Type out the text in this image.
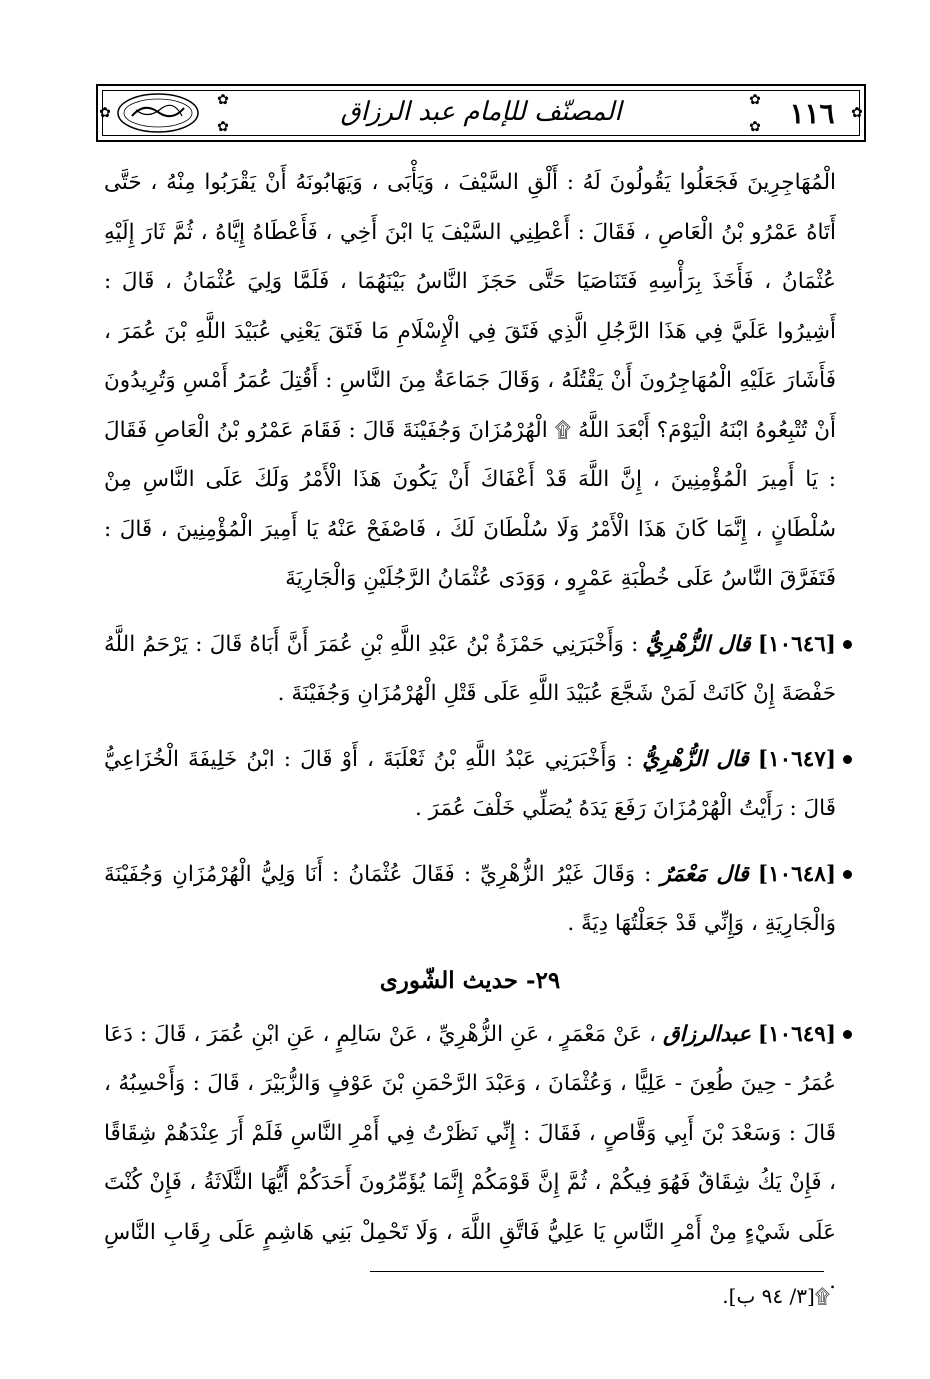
١١٦
✿
✿
✿
المصنّف للإمام عبد الرزاق
✿
✿
✿

الْمُهَاجِرِينَ فَجَعَلُوا يَقُولُونَ لَهُ : أَلْقِ السَّيْفَ ، وَيَأْبَى ، وَيَهَابُونَهُ أَنْ يَقْرَبُوا مِنْهُ ، حَتَّى أَتَاهُ عَمْرُو بْنُ الْعَاصِ ، فَقَالَ : أَعْطِنِي السَّيْفَ يَا ابْنَ أَخِي ، فَأَعْطَاهُ إِيَّاهُ ، ثُمَّ ثَارَ إِلَيْهِ عُثْمَانُ ، فَأَخَذَ بِرَأْسِهِ فَتَنَاصَيَا حَتَّى حَجَزَ النَّاسُ بَيْنَهُمَا ، فَلَمَّا وَلِيَ عُثْمَانُ ، قَالَ : أَشِيرُوا عَلَيَّ فِي هَذَا الرَّجُلِ الَّذِي فَتَقَ فِي الْإِسْلَامِ مَا فَتَقَ يَعْنِي عُبَيْدَ اللَّهِ بْنَ عُمَرَ ، فَأَشَارَ عَلَيْهِ الْمُهَاجِرُونَ أَنْ يَقْتُلَهُ ، وَقَالَ جَمَاعَةٌ مِنَ النَّاسِ : أَقُتِلَ عُمَرُ أَمْسِ وَتُرِيدُونَ أَنْ تُتْبِعُوهُ ابْنَهُ الْيَوْمَ؟ أَبْعَدَ اللَّهُ ۩ الْهُرْمُزَانَ وَجُفَيْنَةَ قَالَ : فَقَامَ عَمْرُو بْنُ الْعَاصِ فَقَالَ : يَا أَمِيرَ الْمُؤْمِنِينَ ، إِنَّ اللَّهَ قَدْ أَعْفَاكَ أَنْ يَكُونَ هَذَا الْأَمْرُ وَلَكَ عَلَى النَّاسِ مِنْ سُلْطَانٍ ، إِنَّمَا كَانَ هَذَا الْأَمْرُ وَلَا سُلْطَانَ لَكَ ، فَاصْفَحْ عَنْهُ يَا أَمِيرَ الْمُؤْمِنِينَ ، قَالَ : فَتَفَرَّقَ النَّاسُ عَلَى خُطْبَةِ عَمْرٍو ، وَوَدَى عُثْمَانُ الرَّجُلَيْنِ وَالْجَارِيَةَ

[١٠٦٤٦] قال الزُّهْرِيُّ : وَأَخْبَرَنِي حَمْزَةُ بْنُ عَبْدِ اللَّهِ بْنِ عُمَرَ أَنَّ أَبَاهُ قَالَ : يَرْحَمُ اللَّهُ حَفْصَةَ إِنْ كَانَتْ لَمَنْ شَجَّعَ عُبَيْدَ اللَّهِ عَلَى قَتْلِ الْهُرْمُزَانِ وَجُفَيْنَةَ .

[١٠٦٤٧] قال الزُّهْرِيُّ : وَأَخْبَرَنِي عَبْدُ اللَّهِ بْنُ ثَعْلَبَةَ ، أَوْ قَالَ : ابْنُ خَلِيفَةَ الْخُزَاعِيُّ قَالَ : رَأَيْتُ الْهُرْمُزَانَ رَفَعَ يَدَهُ يُصَلِّي خَلْفَ عُمَرَ .

[١٠٦٤٨] قال مَعْمَرٌ : وَقَالَ غَيْرُ الزُّهْرِيِّ : فَقَالَ عُثْمَانُ : أَنَا وَلِيُّ الْهُرْمُزَانِ وَجُفَيْنَةَ وَالْجَارِيَةِ ، وَإِنِّي قَدْ جَعَلْتُهَا دِيَةً .

٢٩- حديث الشّورى

[١٠٦٤٩] عبدالرزاق ، عَنْ مَعْمَرٍ ، عَنِ الزُّهْرِيِّ ، عَنْ سَالِمٍ ، عَنِ ابْنِ عُمَرَ ، قَالَ : دَعَا عُمَرُ - حِينَ طُعِنَ - عَلِيًّا ، وَعُثْمَانَ ، وَعَبْدَ الرَّحْمَنِ بْنَ عَوْفٍ وَالزُّبَيْرَ ، قَالَ : وَأَحْسِبُهُ ، قَالَ : وَسَعْدَ بْنَ أَبِي وَقَّاصٍ ، فَقَالَ : إِنِّي نَظَرْتُ فِي أَمْرِ النَّاسِ فَلَمْ أَرَ عِنْدَهُمْ شِقَاقًا ، فَإِنْ يَكُ شِقَاقٌ فَهُوَ فِيكُمْ ، ثُمَّ إِنَّ قَوْمَكُمْ إِنَّمَا يُؤَمِّرُونَ أَحَدَكُمْ أَيُّهَا الثَّلَاثَةُ ، فَإِنْ كُنْتَ عَلَى شَيْءٍ مِنْ أَمْرِ النَّاسِ يَا عَلِيُّ فَاتَّقِ اللَّهَ ، وَلَا تَحْمِلْ بَنِي هَاشِمٍ عَلَى رِقَابِ النَّاسِ .

۩[٣/ ٩٤ ب].
